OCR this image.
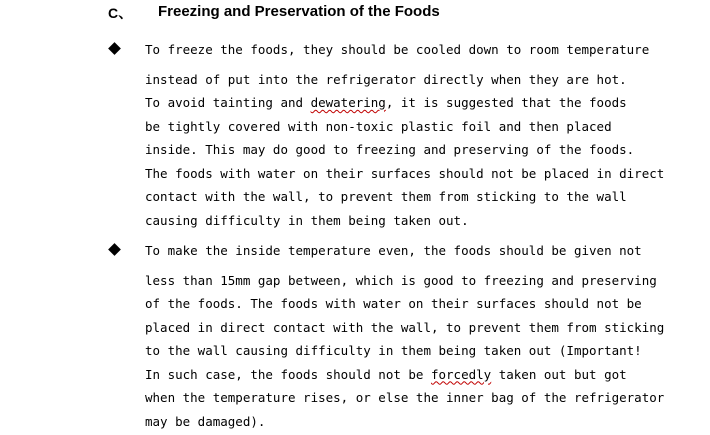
C、 Freezing and Preservation of the Foods
To freeze the foods, they should be cooled down to room temperature
instead of put into the refrigerator directly when they are hot.
To avoid tainting and dewatering, it is suggested that the foods
be tightly covered with non-toxic plastic foil and then placed
inside. This may do good to freezing and preserving of the foods.
The foods with water on their surfaces should not be placed in direct
contact with the wall, to prevent them from sticking to the wall
causing difficulty in them being taken out.
To make the inside temperature even, the foods should be given not
less than 15mm gap between, which is good to freezing and preserving
of the foods. The foods with water on their surfaces should not be
placed in direct contact with the wall, to prevent them from sticking
to the wall causing difficulty in them being taken out (Important!
In such case, the foods should not be forcedly taken out but got
when the temperature rises, or else the inner bag of the refrigerator
may be damaged).
